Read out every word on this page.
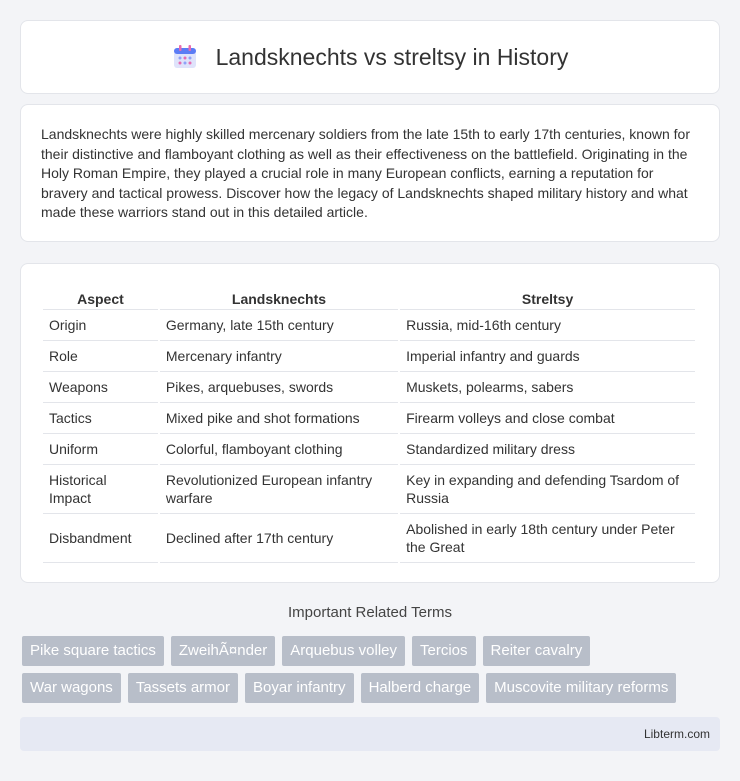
Landsknechts vs streltsy in History

Landsknechts were highly skilled mercenary soldiers from the late 15th to early 17th centuries, known for their distinctive and flamboyant clothing as well as their effectiveness on the battlefield. Originating in the Holy Roman Empire, they played a crucial role in many European conflicts, earning a reputation for bravery and tactical prowess. Discover how the legacy of Landsknechts shaped military history and what made these warriors stand out in this detailed article.

Aspect	Landsknechts	Streltsy
Origin	Germany, late 15th century	Russia, mid-16th century
Role	Mercenary infantry	Imperial infantry and guards
Weapons	Pikes, arquebuses, swords	Muskets, polearms, sabers
Tactics	Mixed pike and shot formations	Firearm volleys and close combat
Uniform	Colorful, flamboyant clothing	Standardized military dress
Historical Impact	Revolutionized European infantry warfare	Key in expanding and defending Tsardom of Russia
Disbandment	Declined after 17th century	Abolished in early 18th century under Peter the Great
Important Related Terms
Pike square tactics	ZweihÃ¤nder	Arquebus volley	Tercios	Reiter cavalry
War wagons	Tassets armor	Boyar infantry	Halberd charge	Muscovite military reforms
Libterm.com
